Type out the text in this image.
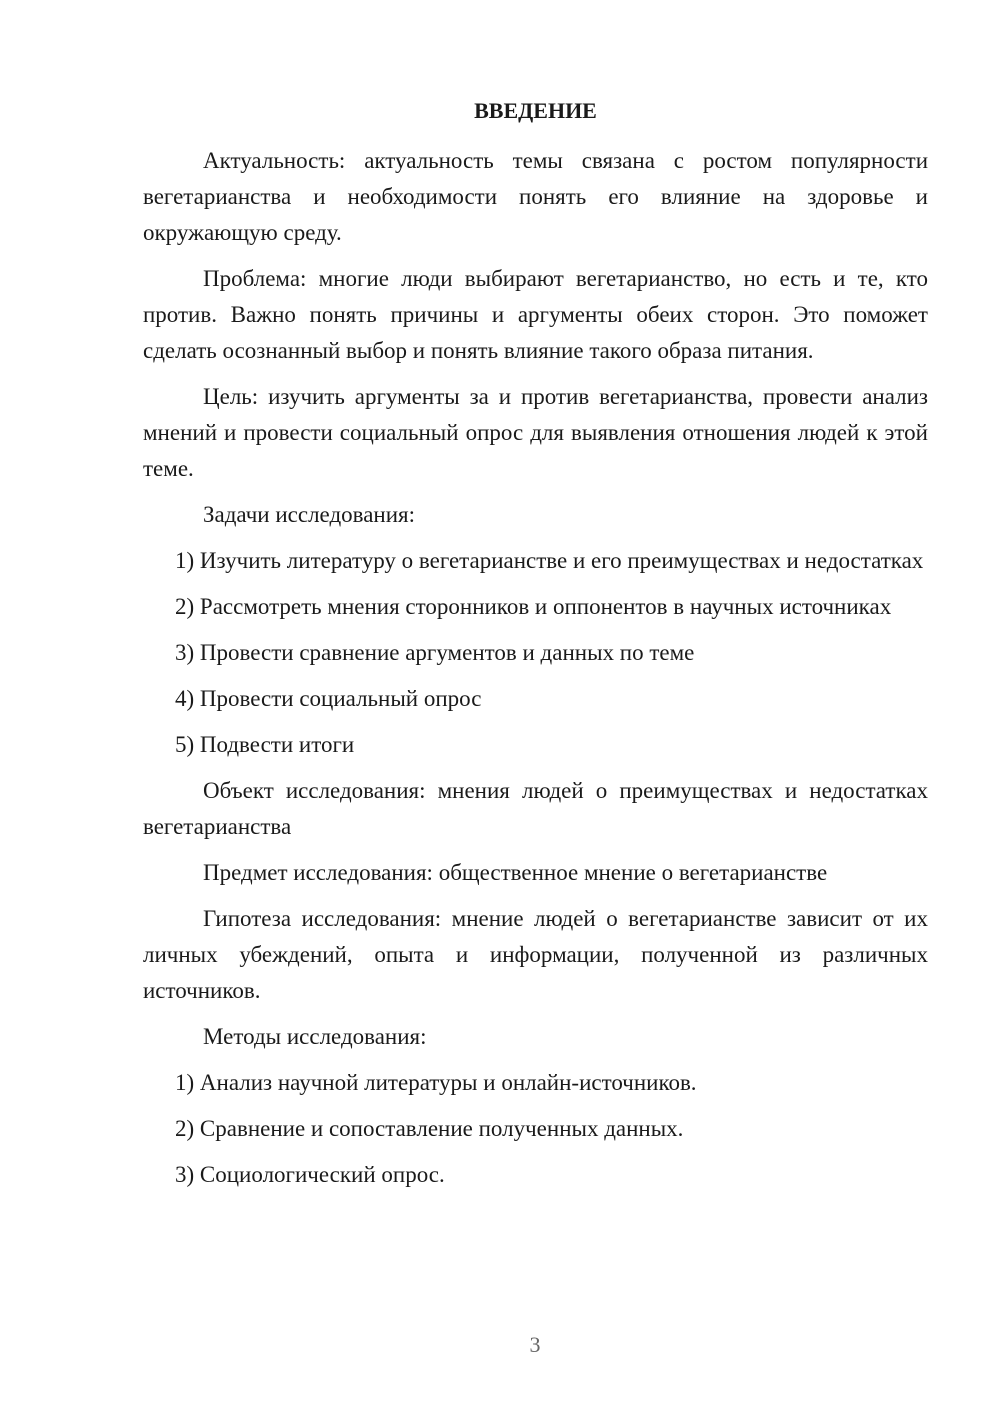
ВВЕДЕНИЕ

Актуальность: актуальность темы связана с ростом популярности вегетарианства и необходимости понять его влияние на здоровье и окружающую среду.

Проблема: многие люди выбирают вегетарианство, но есть и те, кто против. Важно понять причины и аргументы обеих сторон. Это поможет сделать осознанный выбор и понять влияние такого образа питания.

Цель: изучить аргументы за и против вегетарианства, провести анализ мнений и провести социальный опрос для выявления отношения людей к этой теме.

Задачи исследования:

1) Изучить литературу о вегетарианстве и его преимуществах и недостатках

2) Рассмотреть мнения сторонников и оппонентов в научных источниках

3) Провести сравнение аргументов и данных по теме

4) Провести социальный опрос

5) Подвести итоги

Объект исследования: мнения людей о преимуществах и недостатках вегетарианства

Предмет исследования: общественное мнение о вегетарианстве

Гипотеза исследования: мнение людей о вегетарианстве зависит от их личных убеждений, опыта и информации, полученной из различных источников.

Методы исследования:

1) Анализ научной литературы и онлайн-источников.

2) Сравнение и сопоставление полученных данных.

3) Социологический опрос.

3
